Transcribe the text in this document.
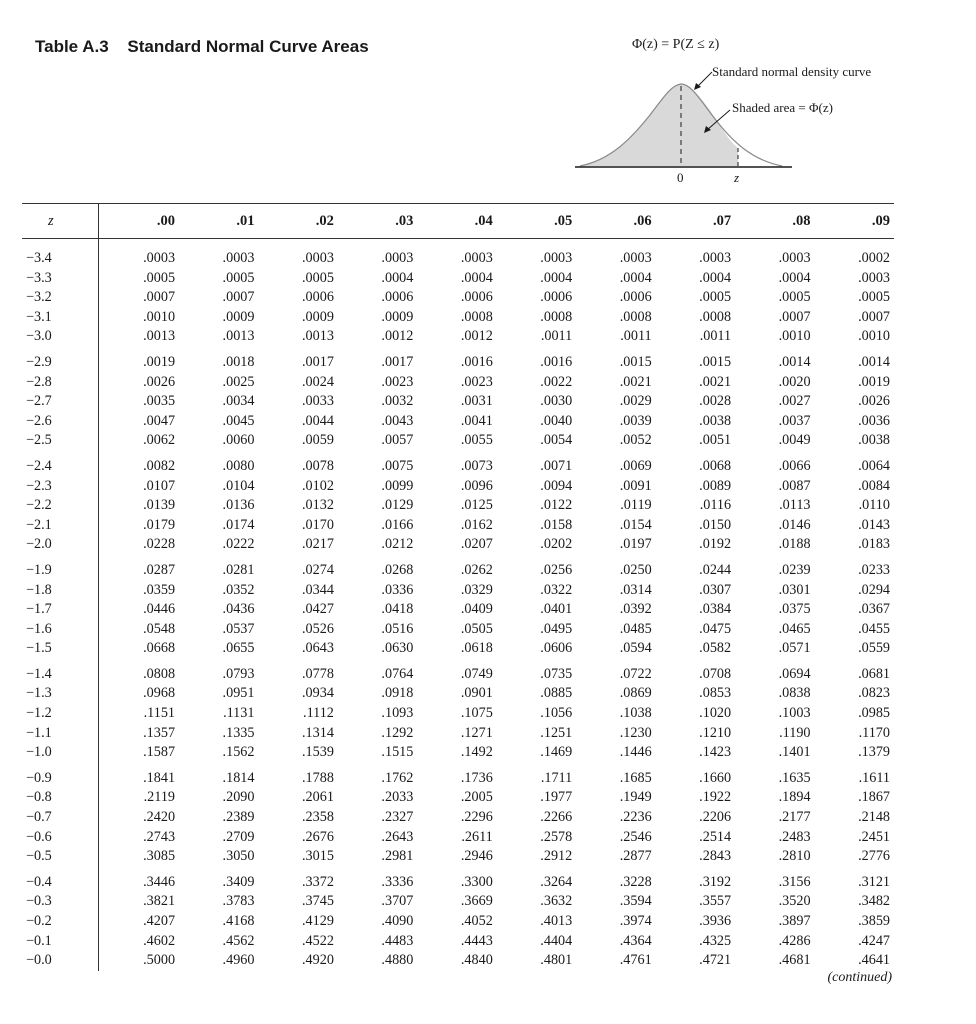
Table A.3 Standard Normal Curve Areas
0	z
Φ(z) = P(Z ≤ z)
Standard normal density curve
Shaded area = Φ(z)
z	.00	.01	.02	.03	.04	.05	.06	.07	.08	.09
−3.4	.0003	.0003	.0003	.0003	.0003	.0003	.0003	.0003	.0003	.0002
−3.3	.0005	.0005	.0005	.0004	.0004	.0004	.0004	.0004	.0004	.0003
−3.2	.0007	.0007	.0006	.0006	.0006	.0006	.0006	.0005	.0005	.0005
−3.1	.0010	.0009	.0009	.0009	.0008	.0008	.0008	.0008	.0007	.0007
−3.0	.0013	.0013	.0013	.0012	.0012	.0011	.0011	.0011	.0010	.0010
−2.9	.0019	.0018	.0017	.0017	.0016	.0016	.0015	.0015	.0014	.0014
−2.8	.0026	.0025	.0024	.0023	.0023	.0022	.0021	.0021	.0020	.0019
−2.7	.0035	.0034	.0033	.0032	.0031	.0030	.0029	.0028	.0027	.0026
−2.6	.0047	.0045	.0044	.0043	.0041	.0040	.0039	.0038	.0037	.0036
−2.5	.0062	.0060	.0059	.0057	.0055	.0054	.0052	.0051	.0049	.0038
−2.4	.0082	.0080	.0078	.0075	.0073	.0071	.0069	.0068	.0066	.0064
−2.3	.0107	.0104	.0102	.0099	.0096	.0094	.0091	.0089	.0087	.0084
−2.2	.0139	.0136	.0132	.0129	.0125	.0122	.0119	.0116	.0113	.0110
−2.1	.0179	.0174	.0170	.0166	.0162	.0158	.0154	.0150	.0146	.0143
−2.0	.0228	.0222	.0217	.0212	.0207	.0202	.0197	.0192	.0188	.0183
−1.9	.0287	.0281	.0274	.0268	.0262	.0256	.0250	.0244	.0239	.0233
−1.8	.0359	.0352	.0344	.0336	.0329	.0322	.0314	.0307	.0301	.0294
−1.7	.0446	.0436	.0427	.0418	.0409	.0401	.0392	.0384	.0375	.0367
−1.6	.0548	.0537	.0526	.0516	.0505	.0495	.0485	.0475	.0465	.0455
−1.5	.0668	.0655	.0643	.0630	.0618	.0606	.0594	.0582	.0571	.0559
−1.4	.0808	.0793	.0778	.0764	.0749	.0735	.0722	.0708	.0694	.0681
−1.3	.0968	.0951	.0934	.0918	.0901	.0885	.0869	.0853	.0838	.0823
−1.2	.1151	.1131	.1112	.1093	.1075	.1056	.1038	.1020	.1003	.0985
−1.1	.1357	.1335	.1314	.1292	.1271	.1251	.1230	.1210	.1190	.1170
−1.0	.1587	.1562	.1539	.1515	.1492	.1469	.1446	.1423	.1401	.1379
−0.9	.1841	.1814	.1788	.1762	.1736	.1711	.1685	.1660	.1635	.1611
−0.8	.2119	.2090	.2061	.2033	.2005	.1977	.1949	.1922	.1894	.1867
−0.7	.2420	.2389	.2358	.2327	.2296	.2266	.2236	.2206	.2177	.2148
−0.6	.2743	.2709	.2676	.2643	.2611	.2578	.2546	.2514	.2483	.2451
−0.5	.3085	.3050	.3015	.2981	.2946	.2912	.2877	.2843	.2810	.2776
−0.4	.3446	.3409	.3372	.3336	.3300	.3264	.3228	.3192	.3156	.3121
−0.3	.3821	.3783	.3745	.3707	.3669	.3632	.3594	.3557	.3520	.3482
−0.2	.4207	.4168	.4129	.4090	.4052	.4013	.3974	.3936	.3897	.3859
−0.1	.4602	.4562	.4522	.4483	.4443	.4404	.4364	.4325	.4286	.4247
−0.0	.5000	.4960	.4920	.4880	.4840	.4801	.4761	.4721	.4681	.4641
(continued)
